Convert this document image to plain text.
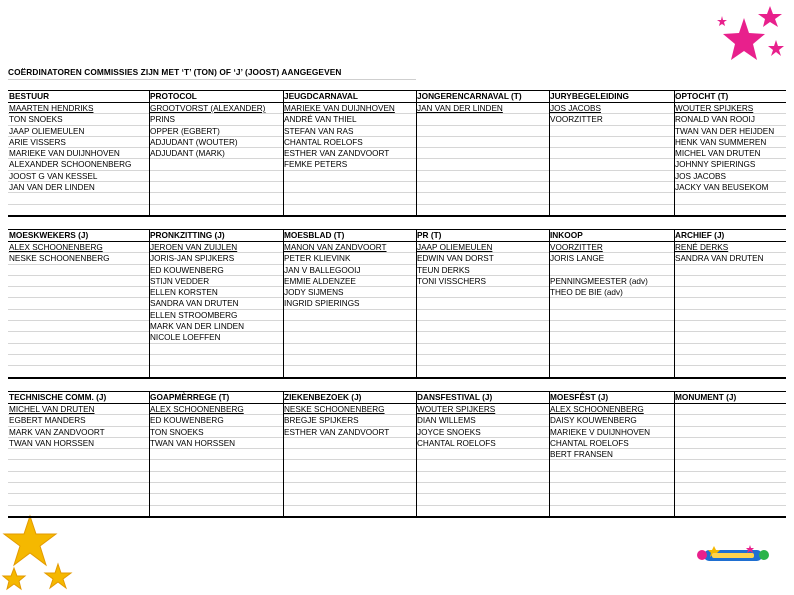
COËRDINATOREN COMMISSIES ZIJN MET ‘T’ (TON) OF ‘J’ (JOOST) AANGEGEVEN
BESTUUR
MAARTEN HENDRIKS
TON SNOEKS
JAAP OLIEMEULEN
ARIE VISSERS
MARIEKE VAN DUIJNHOVEN
ALEXANDER SCHOONENBERG
JOOST G VAN KESSEL
JAN VAN DER LINDEN
PROTOCOL
GROOTVORST (ALEXANDER)
PRINS
OPPER (EGBERT)
ADJUDANT (WOUTER)
ADJUDANT (MARK)
JEUGDCARNAVAL
MARIEKE VAN DUIJNHOVEN
ANDRÉ VAN THIEL
STEFAN VAN RAS
CHANTAL ROELOFS
ESTHER VAN ZANDVOORT
FEMKE PETERS
JONGERENCARNAVAL (T)
JAN VAN DER LINDEN
JURYBEGELEIDING
JOS JACOBS
VOORZITTER
OPTOCHT (T)
WOUTER SPIJKERS
RONALD VAN ROOIJ
TWAN VAN DER HEIJDEN
HENK VAN SUMMEREN
MICHEL VAN DRUTEN
JOHNNY SPIERINGS
JOS JACOBS
JACKY VAN BEUSEKOM
MOESKWEKERS (J)
ALEX SCHOONENBERG
NESKE SCHOONENBERG
PRONKZITTING (J)
JEROEN VAN ZUIJLEN
JORIS-JAN SPIJKERS
ED KOUWENBERG
STIJN VEDDER
ELLEN KORSTEN
SANDRA VAN DRUTEN
ELLEN STROOMBERG
MARK VAN DER LINDEN
NICOLE LOEFFEN
MOESBLAD (T)
MANON VAN ZANDVOORT
PETER KLIEVINK
JAN V BALLEGOOIJ
EMMIE ALDENZEE
JODY SIJMENS
INGRID SPIERINGS
PR (T)
JAAP OLIEMEULEN
EDWIN VAN DORST
TEUN DERKS
TONI VISSCHERS
INKOOP
VOORZITTER
JORIS LANGE
PENNINGMEESTER (adv)
THEO DE BIE (adv)
ARCHIEF (J)
RENÉ DERKS
SANDRA VAN DRUTEN
TECHNISCHE COMM. (J)
MICHEL VAN DRUTEN
EGBERT MANDERS
MARK VAN ZANDVOORT
TWAN VAN HORSSEN
GOAPMÈRREGE (T)
ALEX SCHOONENBERG
ED KOUWENBERG
TON SNOEKS
TWAN VAN HORSSEN
ZIEKENBEZOEK (J)
NESKE SCHOONENBERG
BREGJE SPIJKERS
ESTHER VAN ZANDVOORT
DANSFESTIVAL (J)
WOUTER SPIJKERS
DIAN WILLEMS
JOYCE SNOEKS
CHANTAL ROELOFS
MOESFÊST (J)
ALEX SCHOONENBERG
DAISY KOUWENBERG
MARIEKE V DUIJNHOVEN
CHANTAL ROELOFS
BERT FRANSEN
MONUMENT (J)
